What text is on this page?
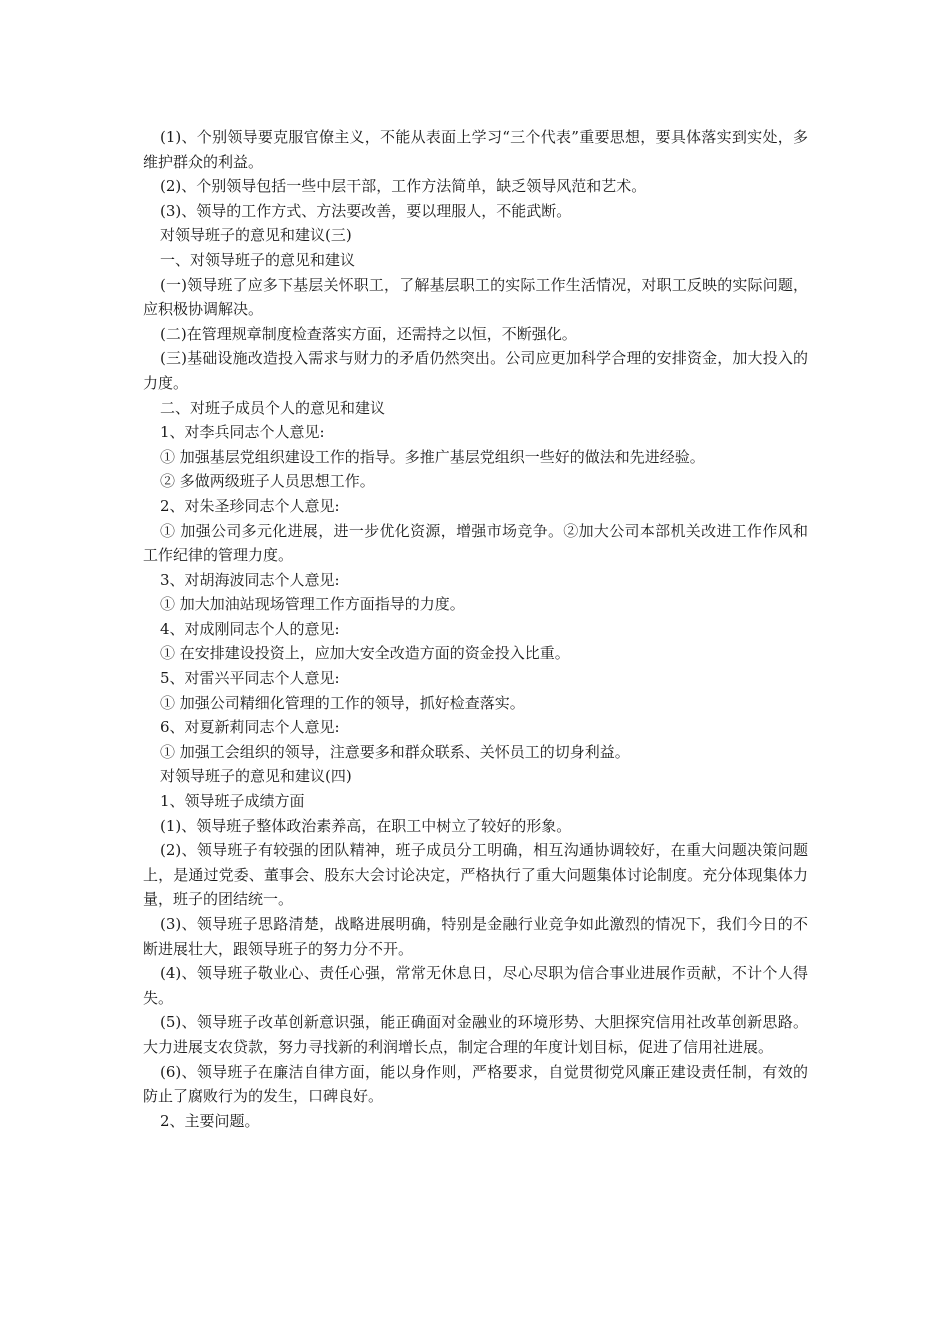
(1)、个别领导要克服官僚主义，不能从表面上学习“三个代表”重要思想，要具体落实到实处，多维护群众的利益。

(2)、个别领导包括一些中层干部，工作方法简单，缺乏领导风范和艺术。

(3)、领导的工作方式、方法要改善，要以理服人，不能武断。

对领导班子的意见和建议(三)

一、对领导班子的意见和建议

(一)领导班了应多下基层关怀职工，了解基层职工的实际工作生活情况，对职工反映的实际问题，应积极协调解决。

(二)在管理规章制度检查落实方面，还需持之以恒，不断强化。

(三)基础设施改造投入需求与财力的矛盾仍然突出。公司应更加科学合理的安排资金，加大投入的力度。

二、对班子成员个人的意见和建议

1、对李兵同志个人意见:

① 加强基层党组织建设工作的指导。多推广基层党组织一些好的做法和先进经验。

② 多做两级班子人员思想工作。

2、对朱圣珍同志个人意见:

① 加强公司多元化进展，进一步优化资源，增强市场竞争。②加大公司本部机关改进工作作风和工作纪律的管理力度。

3、对胡海波同志个人意见:

① 加大加油站现场管理工作方面指导的力度。

4、对成刚同志个人的意见:

① 在安排建设投资上，应加大安全改造方面的资金投入比重。

5、对雷兴平同志个人意见:

① 加强公司精细化管理的工作的领导，抓好检查落实。

6、对夏新莉同志个人意见:

① 加强工会组织的领导，注意要多和群众联系、关怀员工的切身利益。

对领导班子的意见和建议(四)

1、领导班子成绩方面

(1)、领导班子整体政治素养高，在职工中树立了较好的形象。

(2)、领导班子有较强的团队精神，班子成员分工明确，相互沟通协调较好，在重大问题决策问题上，是通过党委、董事会、股东大会讨论决定，严格执行了重大问题集体讨论制度。充分体现集体力量，班子的团结统一。

(3)、领导班子思路清楚，战略进展明确，特别是金融行业竞争如此激烈的情况下，我们今日的不断进展壮大，跟领导班子的努力分不开。

(4)、领导班子敬业心、责任心强，常常无休息日，尽心尽职为信合事业进展作贡献，不计个人得失。

(5)、领导班子改革创新意识强，能正确面对金融业的环境形势、大胆探究信用社改革创新思路。大力进展支农贷款，努力寻找新的利润增长点，制定合理的年度计划目标，促进了信用社进展。

(6)、领导班子在廉洁自律方面，能以身作则，严格要求，自觉贯彻党风廉正建设责任制，有效的防止了腐败行为的发生，口碑良好。

2、主要问题。
